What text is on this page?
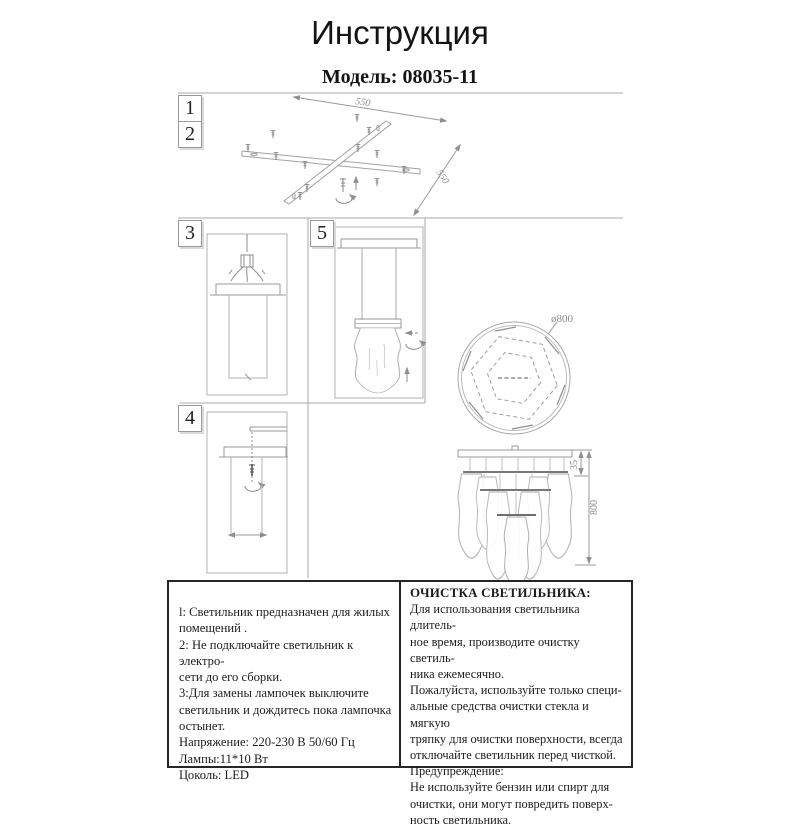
Инструкция
Модель: 08035-11
550
550
ø800
35
800
1
2
3	5
4
l: Светильник предназначен для жилых
помещений .
2: Не подключайте светильник к электро-
сети до его сборки.
3:Для замены лампочек выключите
светильник и дождитесь пока лампочка
остынет.
Напряжение: 220-230 В 50/60 Гц
Лампы:11*10 Вт
Цоколь: LED
ОЧИСТКА СВЕТИЛЬНИКА:
Для использования светильника длитель-
ное время, производите очистку светиль-
ника ежемесячно.
Пожалуйста, используйте только специ-
альные средства очистки стекла и мягкую
тряпку для очистки поверхности, всегда
отключайте светильник перед чисткой.
Предупреждение:
Не используйте бензин или спирт для
очистки, они могут повредить поверх-
ность светильника.
